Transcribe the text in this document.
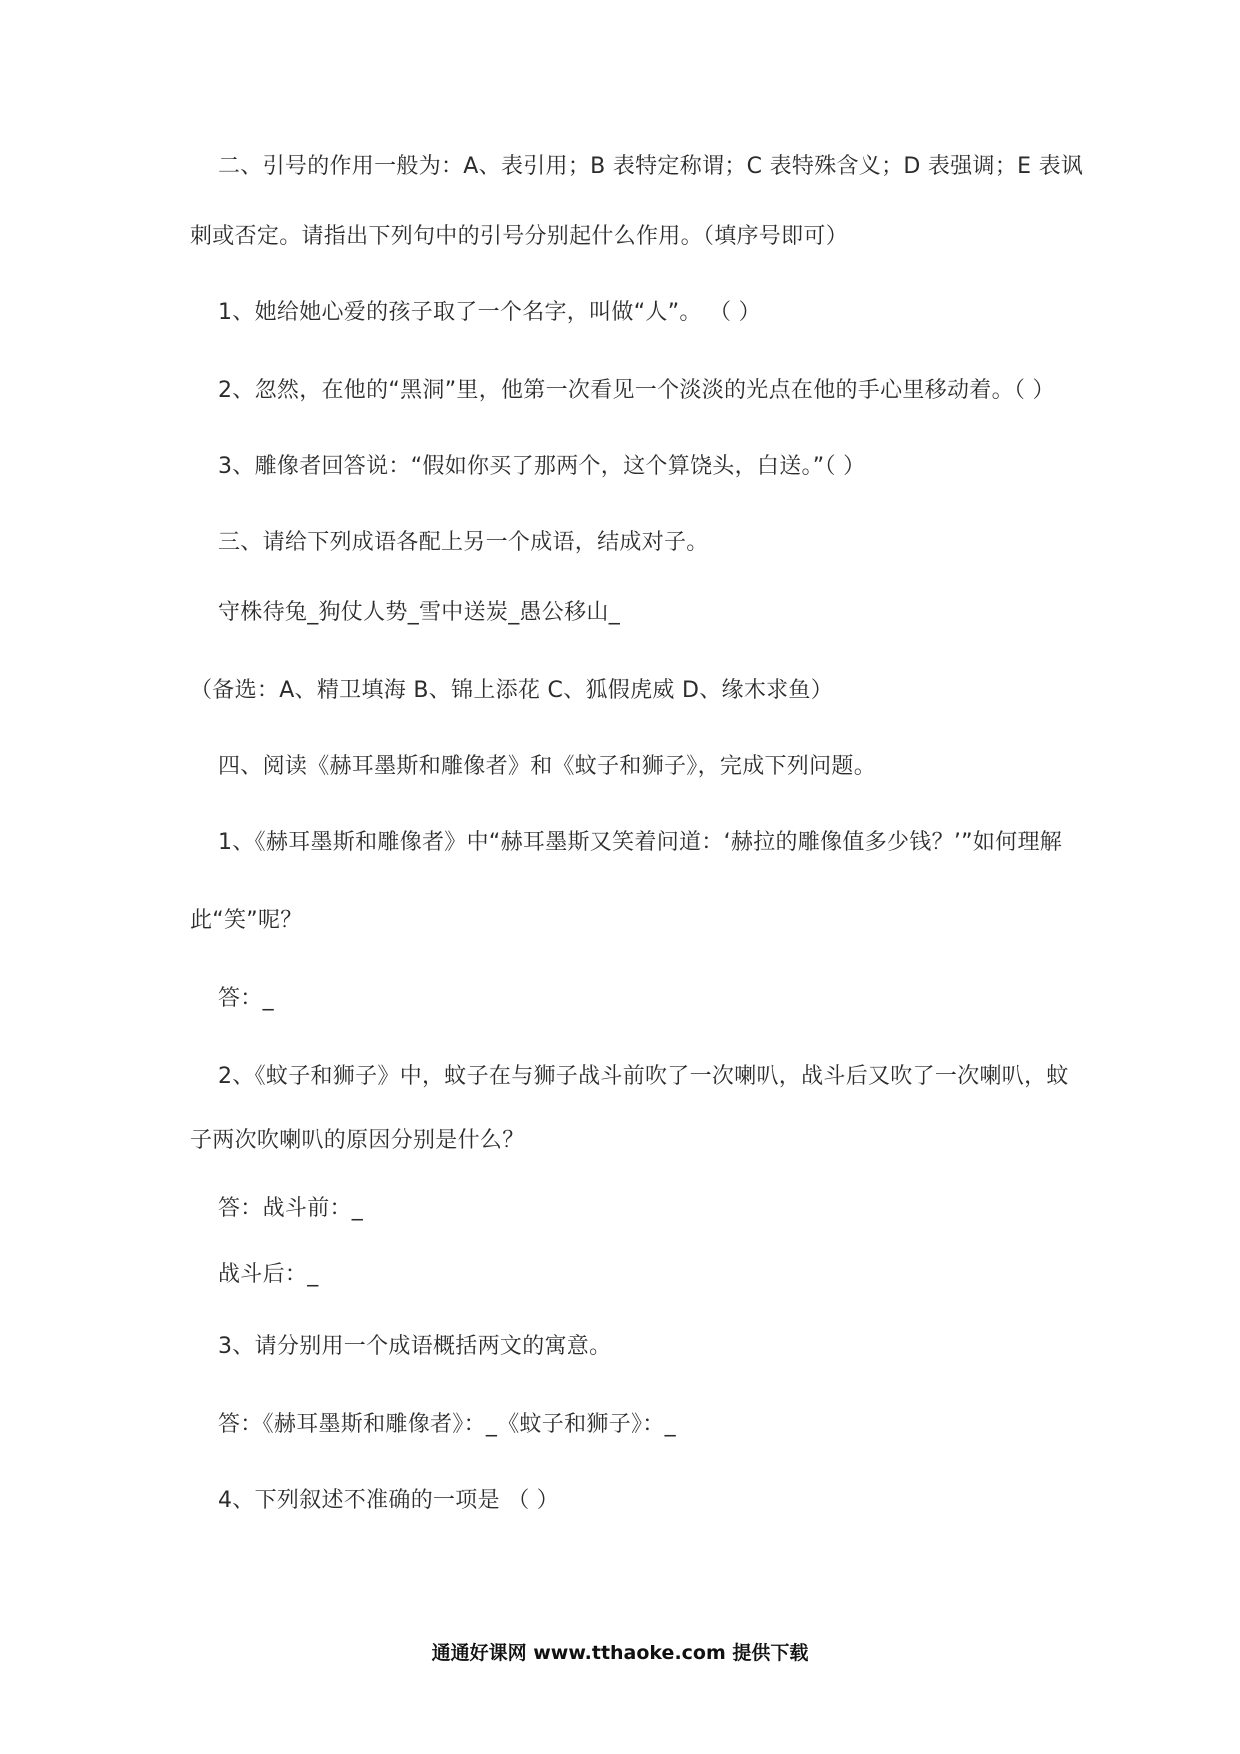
二、引号的作用一般为：A、表引用；B 表特定称谓；C 表特殊含义；D 表强调；E 表讽
刺或否定。请指出下列句中的引号分别起什么作用。（填序号即可）
1、她给她心爱的孩子取了一个名字，叫做“人”。 （ ）
2、忽然，在他的“黑洞”里，他第一次看见一个淡淡的光点在他的手心里移动着。（ ）
3、雕像者回答说：“假如你买了那两个，这个算饶头，白送。”（ ）
三、请给下列成语各配上另一个成语，结成对子。
守株待兔_狗仗人势_雪中送炭_愚公移山_
（备选：A、精卫填海 B、锦上添花 C、狐假虎威 D、缘木求鱼）
四、阅读《赫耳墨斯和雕像者》和《蚊子和狮子》，完成下列问题。
1、《赫耳墨斯和雕像者》中“赫耳墨斯又笑着问道：‘赫拉的雕像值多少钱？’”如何理解
此“笑”呢？
答：_
2、《蚊子和狮子》中，蚊子在与狮子战斗前吹了一次喇叭，战斗后又吹了一次喇叭，蚊
子两次吹喇叭的原因分别是什么？
答：战斗前：_
战斗后：_
3、请分别用一个成语概括两文的寓意。
答：《赫耳墨斯和雕像者》：_《蚊子和狮子》：_
4、下列叙述不准确的一项是 （ ）
通通好课网 www.tthaoke.com 提供下载
